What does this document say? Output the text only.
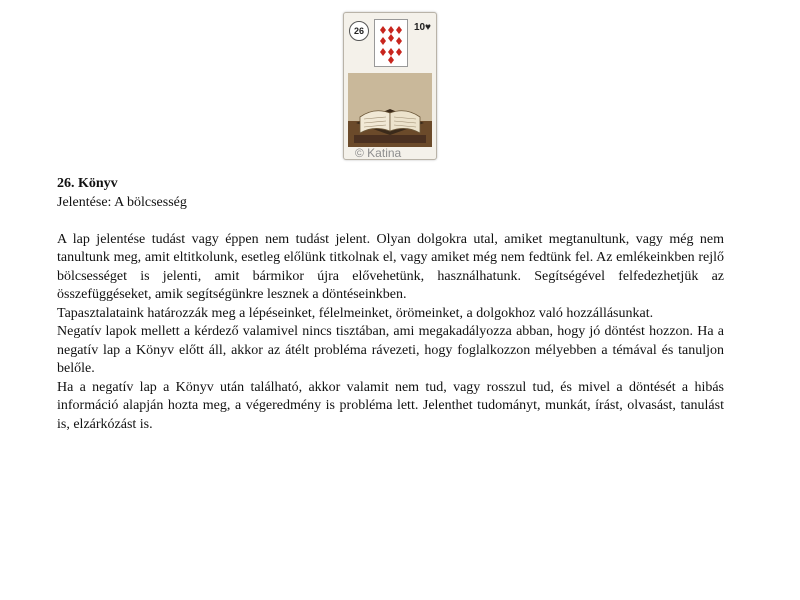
26	10♥
© Katina
26. Könyv
Jelentése: A bölcsesség
A lap jelentése tudást vagy éppen nem tudást jelent. Olyan dolgokra utal, amiket megtanultunk, vagy még nem tanultunk meg, amit eltitkolunk, esetleg előlünk titkolnak el, vagy amiket még nem fedtünk fel. Az emlékeinkben rejlő bölcsességet is jelenti, amit bármikor újra elővehetünk, használhatunk. Segítségével felfedezhetjük az összefüggéseket, amik segítségünkre lesznek a döntéseinkben.
Tapasztalataink határozzák meg a lépéseinket, félelmeinket, örömeinket, a dolgokhoz való hozzállásunkat.
Negatív lapok mellett a kérdező valamivel nincs tisztában, ami megakadályozza abban, hogy jó döntést hozzon. Ha a negatív lap a Könyv előtt áll, akkor az átélt probléma rávezeti, hogy foglalkozzon mélyebben a témával és tanuljon belőle.
Ha a negatív lap a Könyv után található, akkor valamit nem tud, vagy rosszul tud, és mivel a döntését a hibás információ alapján hozta meg, a végeredmény is probléma lett. Jelenthet tudományt, munkát, írást, olvasást, tanulást is, elzárkózást is.
